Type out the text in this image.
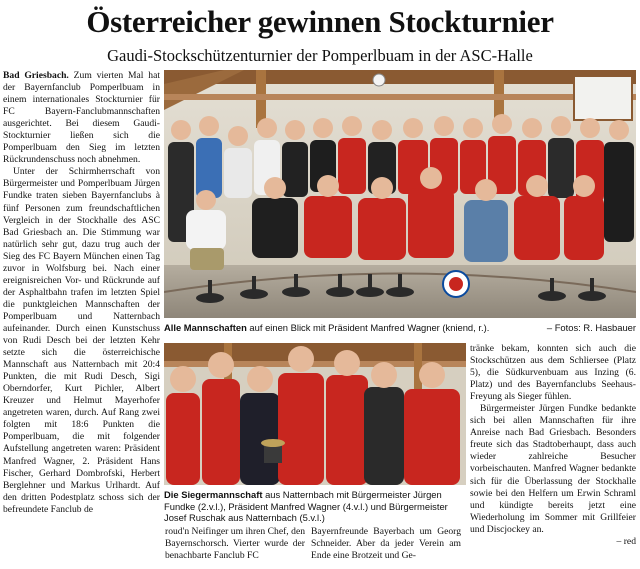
Österreicher gewinnen Stockturnier
Gaudi-Stockschützenturnier der Pomperlbuam in der ASC-Halle

Bad Griesbach. Zum vierten Mal hat der Bayernfanclub Pomperlbuam in einem internationales Stockturnier für FC Bayern-Fanclubmannschaften ausgerichtet. Bei diesem Gaudi-Stockturnier ließen sich die Pomperlbuam den Sieg im letzten Rückrundenschuss noch abnehmen.

Unter der Schirmherrschaft von Bürgermeister und Pomperlbuam Jürgen Fundke traten sieben Bayernfanclubs à fünf Personen zum freundschaftlichen Vergleich in der Stockhalle des ASC Bad Griesbach an. Die Stimmung war natürlich sehr gut, dazu trug auch der Sieg des FC Bayern München einen Tag zuvor in Wolfsburg bei. Nach einer ereignisreichen Vor- und Rückrunde auf der Asphaltbahn trafen im letzten Spiel die punktgleichen Mannschaften der Pomperlbuam und Natternbach aufeinander. Durch einen Kunstschuss von Rudi Desch bei der letzten Kehr setzte sich die österreichische Mannschaft aus Natternbach mit 20:4 Punkten, die mit Rudi Desch, Sigi Oberndorfer, Kurt Pichler, Albert Kreuzer und Helmut Mayerhofer angetreten waren, durch. Auf Rang zwei folgten mit 18:6 Punkten die Pomperlbuam, die mit folgender Aufstellung angetreten waren: Präsident Manfred Wagner, 2. Präsident Hans Fischer, Gerhard Dombrofski, Herbert Berglehner und Markus Urlhardt. Auf den dritten Podestplatz schoss sich der befreundete Fanclub de

Alle Mannschaften auf einen Blick mit Präsident Manfred Wagner (kniend, r.).	– Fotos: R. Hasbauer
Die Siegermannschaft aus Natternbach mit Bürgermeister Jürgen Fundke (2.v.l.), Präsident Manfred Wagner (4.v.l.) und Bürgermeister Josef Ruschak aus Natternbach (5.v.l.)

roud'n Neifinger um ihren Chef, den Bayernschorsch. Vierter wurde der benachbarte Fanclub FC

Bayernfreunde Bayerbach um Georg Schneider. Aber da jeder Verein am Ende eine Brotzeit und Ge-

tränke bekam, konnten sich auch die Stockschützen aus dem Schliersee (Platz 5), die Südkurvenbuam aus Inzing (6. Platz) und des Bayernfanclubs Seehaus-Freyung als Sieger fühlen.

Bürgermeister Jürgen Fundke bedankte sich bei allen Mannschaften für ihre Anreise nach Bad Griesbach. Besonders freute sich das Stadtoberhaupt, dass auch wieder zahlreiche Besucher vorbeischauten. Manfred Wagner bedankte sich für die Überlassung der Stockhalle sowie bei den Helfern um Erwin Schraml und kündigte bereits jetzt eine Wiederholung im Sommer mit Grillfeier und Discjockey an.

– red
